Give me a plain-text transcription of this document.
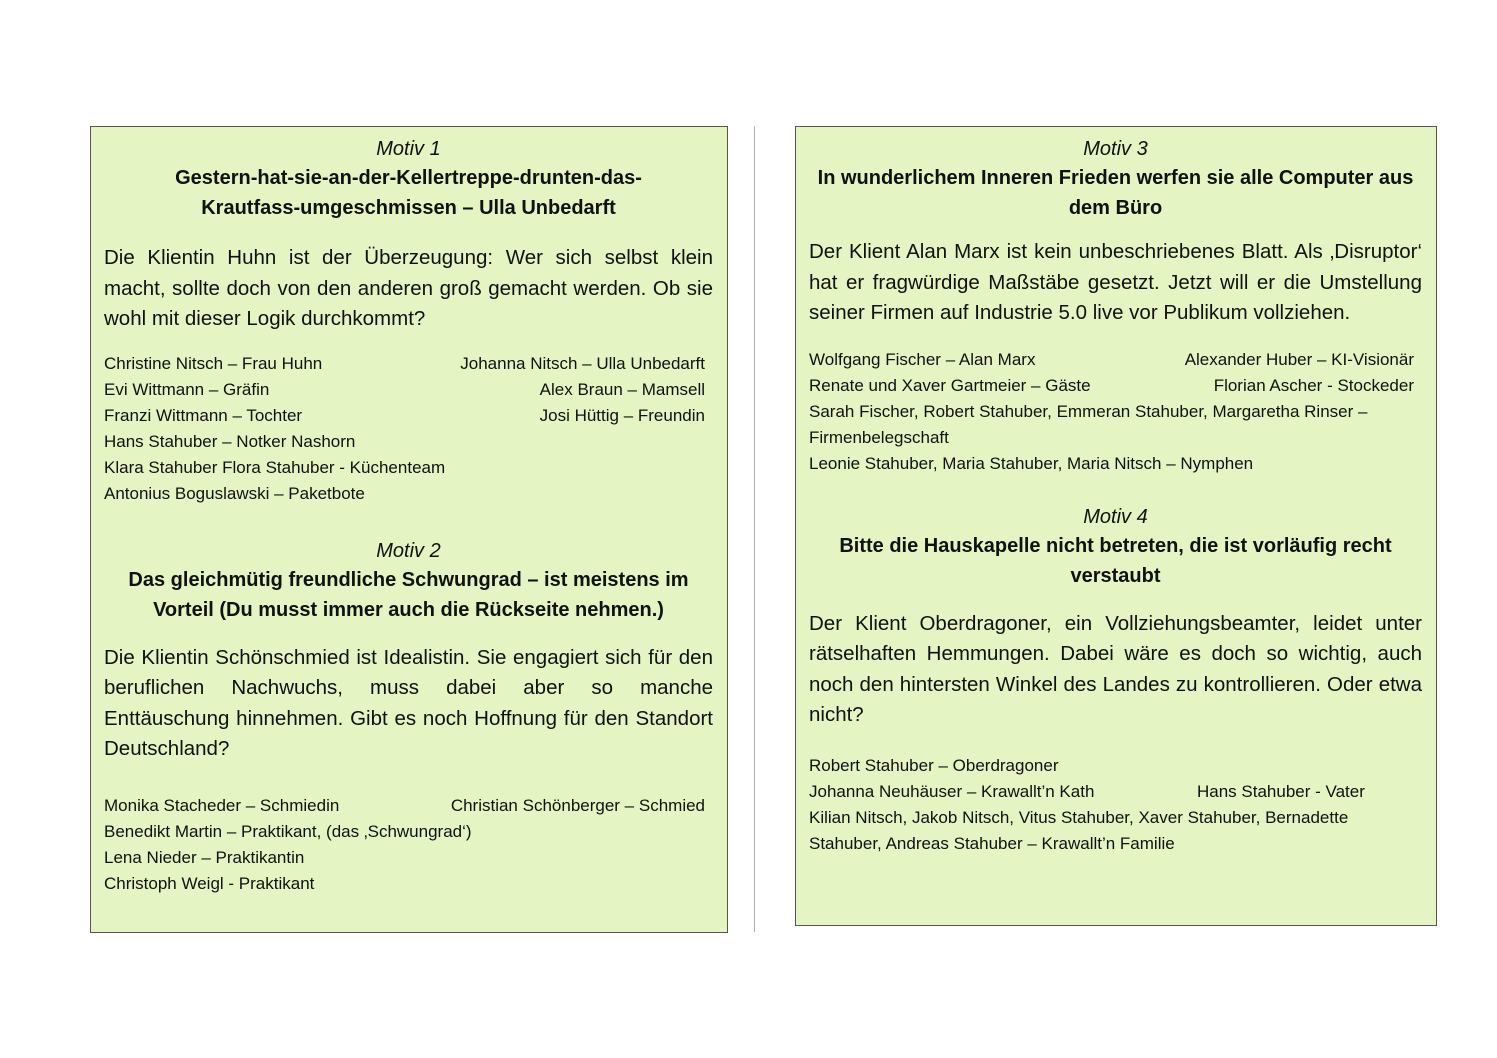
Motiv 1
Gestern-hat-sie-an-der-Kellertreppe-drunten-das-Krautfass-umgeschmissen – Ulla Unbedarft
Die Klientin Huhn ist der Überzeugung: Wer sich selbst klein macht, sollte doch von den anderen groß gemacht werden. Ob sie wohl mit dieser Logik durchkommt?
Christine Nitsch – Frau Huhn	Johanna Nitsch – Ulla Unbedarft
Evi Wittmann – Gräfin	Alex Braun – Mamsell
Franzi Wittmann – Tochter	Josi Hüttig – Freundin
Hans Stahuber – Notker Nashorn
Klara Stahuber Flora Stahuber - Küchenteam
Antonius Boguslawski – Paketbote
Motiv 2
Das gleichmütig freundliche Schwungrad – ist meistens im Vorteil (Du musst immer auch die Rückseite nehmen.)
Die Klientin Schönschmied ist Idealistin. Sie engagiert sich für den beruflichen Nachwuchs, muss dabei aber so manche Enttäuschung hinnehmen. Gibt es noch Hoffnung für den Standort Deutschland?
Monika Stacheder – Schmiedin	Christian Schönberger – Schmied
Benedikt Martin – Praktikant, (das ‚Schwungrad‘)
Lena Nieder – Praktikantin
Christoph Weigl - Praktikant
Motiv 3
In wunderlichem Inneren Frieden werfen sie alle Computer aus dem Büro
Der Klient Alan Marx ist kein unbeschriebenes Blatt. Als ‚Disruptor‘ hat er fragwürdige Maßstäbe gesetzt. Jetzt will er die Umstellung seiner Firmen auf Industrie 5.0 live vor Publikum vollziehen.
Wolfgang Fischer – Alan Marx	Alexander Huber – KI-Visionär
Renate und Xaver Gartmeier – Gäste	Florian Ascher - Stockeder
Sarah Fischer, Robert Stahuber, Emmeran Stahuber, Margaretha Rinser – Firmenbelegschaft
Leonie Stahuber, Maria Stahuber, Maria Nitsch – Nymphen
Motiv 4
Bitte die Hauskapelle nicht betreten, die ist vorläufig recht verstaubt
Der Klient Oberdragoner, ein Vollziehungsbeamter, leidet unter rätselhaften Hemmungen. Dabei wäre es doch so wichtig, auch noch den hintersten Winkel des Landes zu kontrollieren. Oder etwa nicht?
Robert Stahuber – Oberdragoner
Johanna Neuhäuser – Krawallt’n Kath	Hans Stahuber - Vater
Kilian Nitsch, Jakob Nitsch, Vitus Stahuber, Xaver Stahuber, Bernadette Stahuber, Andreas Stahuber – Krawallt’n Familie
